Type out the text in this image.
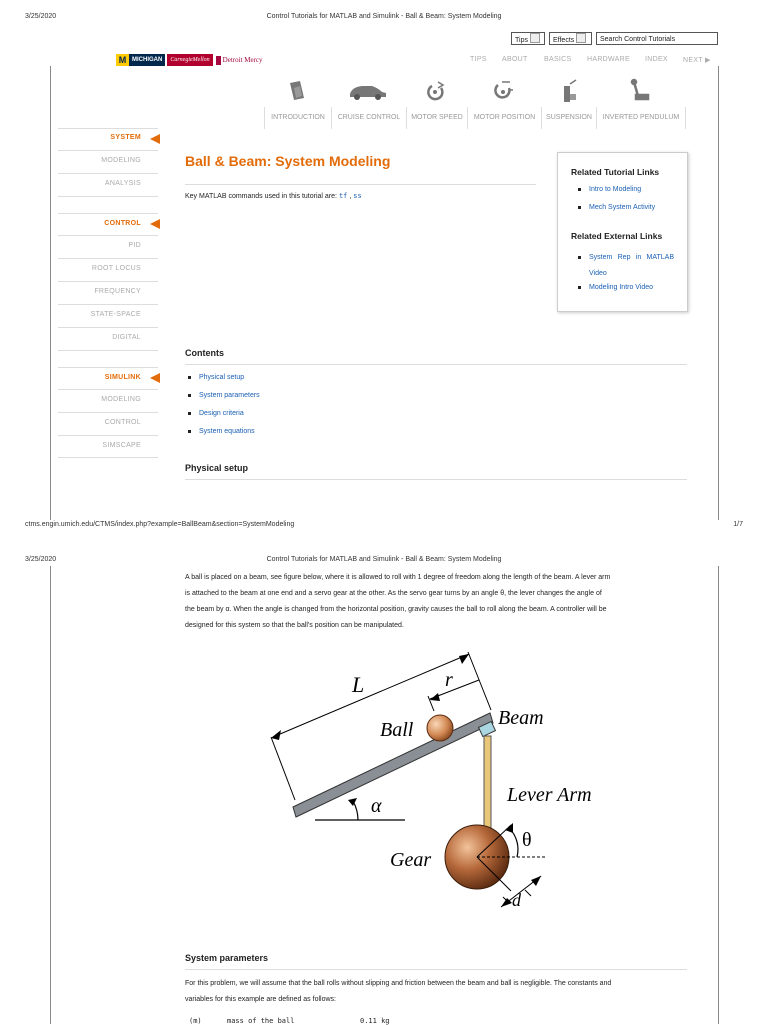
3/25/2020	Control Tutorials for MATLAB and Simulink - Ball & Beam: System Modeling
Tips	Effects	Search Control Tutorials
M MICHIGAN	CarnegieMellon	Detroit Mercy	TIPS	ABOUT	BASICS	HARDWARE	INDEX	NEXT ▶
INTRODUCTION	CRUISE CONTROL	MOTOR SPEED	MOTOR POSITION	SUSPENSION	INVERTED PENDULUM
SYSTEM
MODELING
ANALYSIS
CONTROL
PID
ROOT LOCUS
FREQUENCY
STATE-SPACE
DIGITAL
SIMULINK
MODELING
CONTROL
SIMSCAPE
Ball & Beam: System Modeling
Key MATLAB commands used in this tutorial are: tf , ss
Related Tutorial Links
Intro to Modeling
Mech System Activity
Related External Links
System Rep in MATLAB Video
Modeling Intro Video
Contents
Physical setup
System parameters
Design criteria
System equations
Physical setup
ctms.engin.umich.edu/CTMS/index.php?example=BallBeam&section=SystemModeling	1/7
3/25/2020	Control Tutorials for MATLAB and Simulink - Ball & Beam: System Modeling
A ball is placed on a beam, see figure below, where it is allowed to roll with 1 degree of freedom along the length of the beam. A lever arm
is attached to the beam at one end and a servo gear at the other. As the servo gear turns by an angle θ, the lever changes the angle of
the beam by α. When the angle is changed from the horizontal position, gravity causes the ball to roll along the beam. A controller will be
designed for this system so that the ball's position can be manipulated.
L	r
Ball
Beam
Lever Arm
Gear
α
θ
d
System parameters
For this problem, we will assume that the ball rolls without slipping and friction between the beam and ball is negligible. The constants and
variables for this example are defined as follows:
(m)	mass of the ball	0.11 kg
